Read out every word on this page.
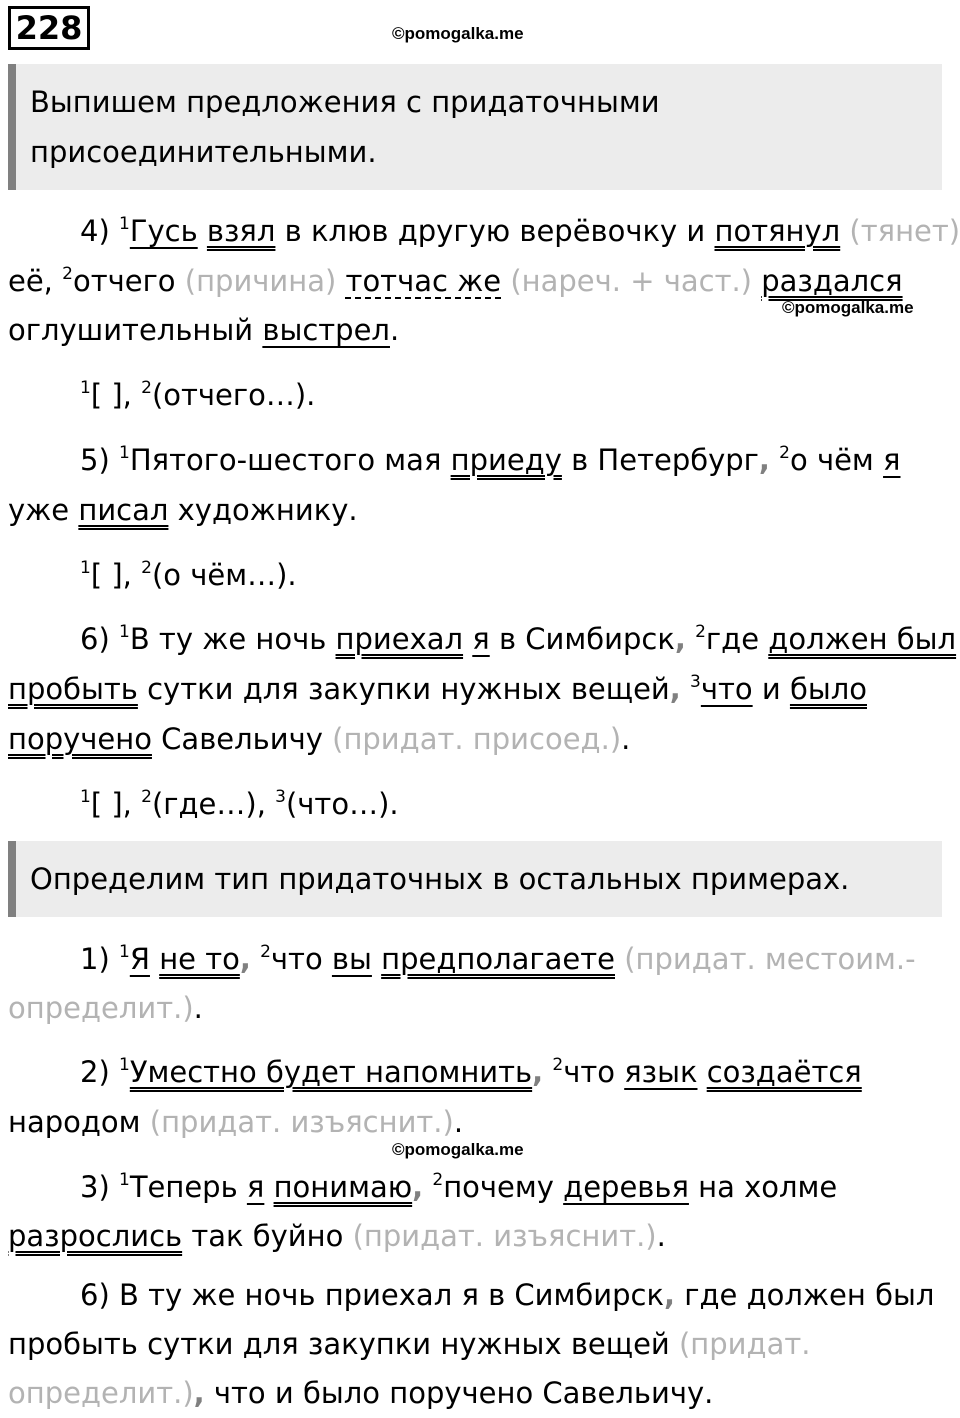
228	©pomogalka.me
Выпишем предложения с придаточными
присоединительными.
4) $^1$Гусь взял в клюв другую верёвочку и потянул (тянет)
её, $^2$отчего (причина) тотчас же (нареч. + част.) раздался
©pomogalka.me
оглушительный выстрел.
$^1$[ ], $^2$(отчего…).
5) $^1$Пятого-шестого мая приеду в Петербург, $^2$о чём я
уже писал художнику.
$^1$[ ], $^2$(о чём…).
6) $^1$В ту же ночь приехал я в Симбирск, $^2$где должен был
пробыть сутки для закупки нужных вещей, $^3$что и было
поручено Савельичу (придат. присоед.).
$^1$[ ], $^2$(где…), $^3$(что…).
Определим тип придаточных в остальных примерах.
1) $^1$Я не то, $^2$что вы предполагаете (придат. местоим.-
определит.).
2) $^1$Уместно будет напомнить, $^2$что язык создаётся
народом (придат. изъяснит.).
©pomogalka.me
3) $^1$Теперь я понимаю, $^2$почему деревья на холме
разрослись так буйно (придат. изъяснит.).
6) В ту же ночь приехал я в Симбирск, где должен был
пробыть сутки для закупки нужных вещей (придат.
определит.), что и было поручено Савельичу.
